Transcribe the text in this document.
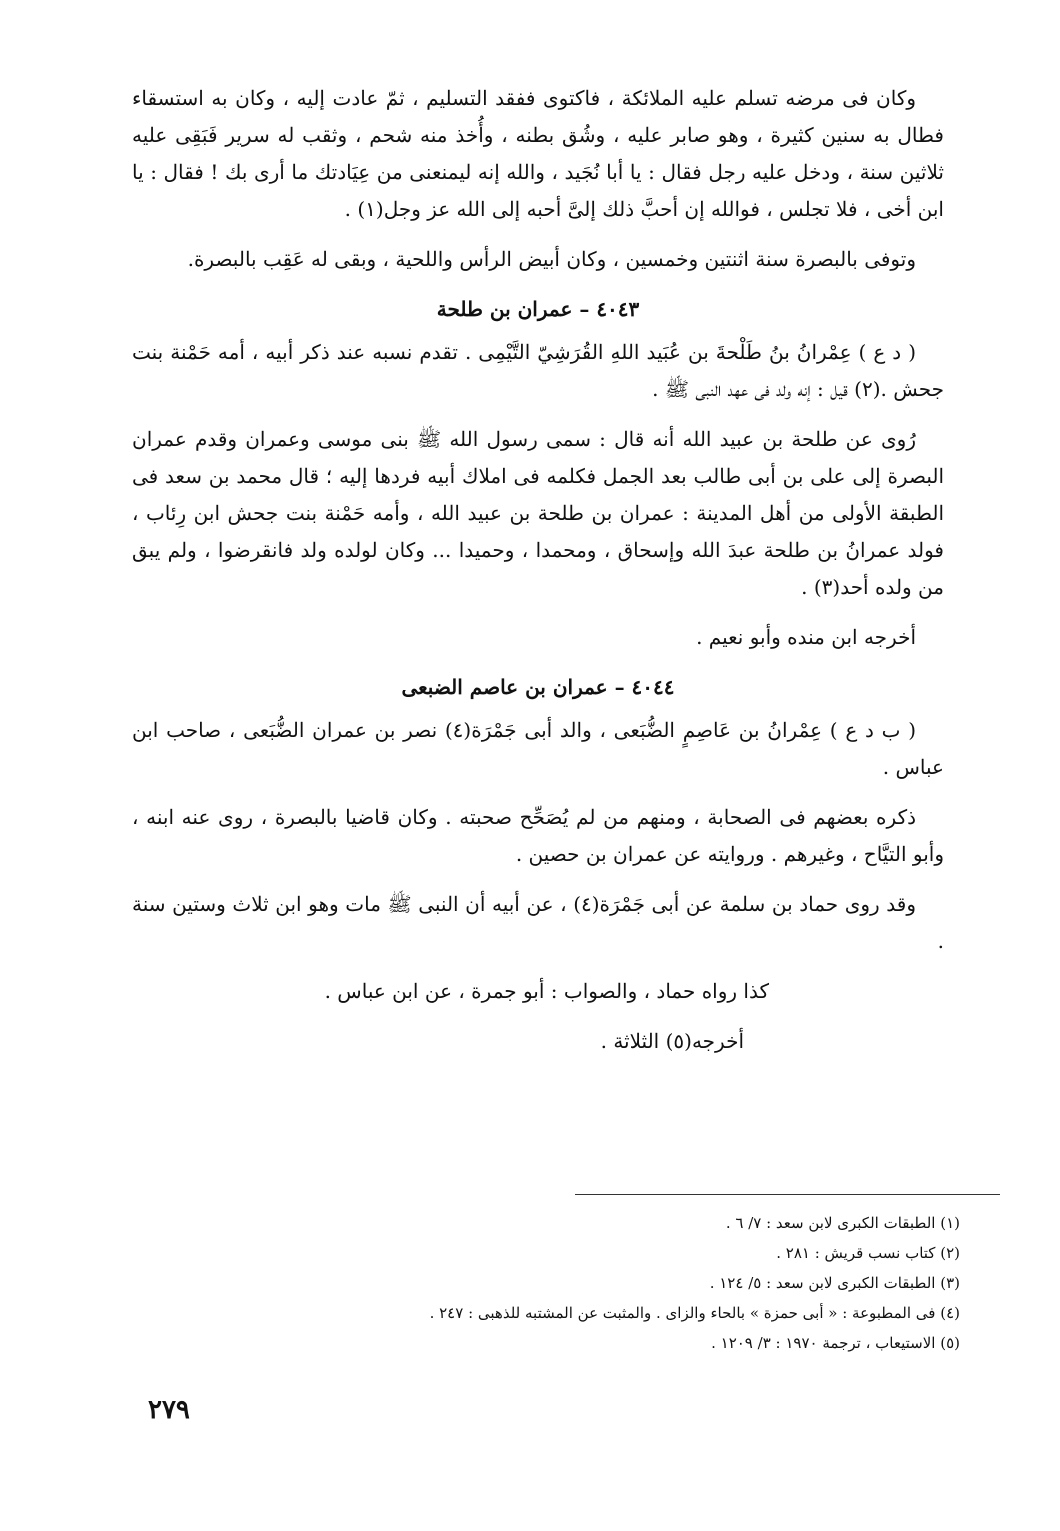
وكان فى مرضه تسلم عليه الملائكة ، فاكتوى ففقد التسليم ، ثمّ عادت إليه ، وكان به استسقاء فطال به سنين كثيرة ، وهو صابر عليه ، وشُق بطنه ، وأُخذ منه شحم ، وثقب له سرير فَبَقِى عليه ثلاثين سنة ، ودخل عليه رجل فقال : يا أبا نُجَيد ، والله إنه ليمنعنى من عِيَادتك ما أرى بك ! فقال : يا ابن أخى ، فلا تجلس ، فوالله إن أحبَّ ذلك إلىَّ أحبه إلى الله عز وجل(١) .

وتوفى بالبصرة سنة اثنتين وخمسين ، وكان أبيض الرأس واللحية ، وبقى له عَقِب بالبصرة.

٤٠٤٣ – عمران بن طلحة

( د ع ) عِمْرانُ بنُ طَلْحةَ بن عُبَيد اللهِ القُرَشِيّ التَّيْمِى . تقدم نسبه عند ذكر أبيه ، أمه حَمْنة بنت جحش .(٢) قيل : إنه ولد فى عهد النبى ﷺ .

رُوى عن طلحة بن عبيد الله أنه قال : سمى رسول الله ﷺ بنى موسى وعمران وقدم عمران البصرة إلى على بن أبى طالب بعد الجمل فكلمه فى املاك أبيه فردها إليه ؛ قال محمد بن سعد فى الطبقة الأولى من أهل المدينة : عمران بن طلحة بن عبيد الله ، وأمه حَمْنة بنت جحش ابن رِئاب ، فولد عمرانُ بن طلحة عبدَ الله وإسحاق ، ومحمدا ، وحميدا ... وكان لولده ولد فانقرضوا ، ولم يبق من ولده أحد(٣) .

أخرجه ابن منده وأبو نعيم .

٤٠٤٤ – عمران بن عاصم الضبعى

( ب د ع ) عِمْرانُ بن عَاصِمٍ الضُّبَعى ، والد أبى جَمْرَة(٤) نصر بن عمران الضُّبَعى ، صاحب ابن عباس .

ذكره بعضهم فى الصحابة ، ومنهم من لم يُصَحِّح صحبته . وكان قاضيا بالبصرة ، روى عنه ابنه ، وأبو التيَّاح ، وغيرهم . وروايته عن عمران بن حصين .

وقد روى حماد بن سلمة عن أبى جَمْرَة(٤) ، عن أبيه أن النبى ﷺ مات وهو ابن ثلاث وستين سنة .

كذا رواه حماد ، والصواب : أبو جمرة ، عن ابن عباس .

أخرجه(٥) الثلاثة .

(١) الطبقات الكبرى لابن سعد : ٧/ ٦ .
(٢) كتاب نسب قريش : ٢٨١ .
(٣) الطبقات الكبرى لابن سعد : ٥/ ١٢٤ .
(٤) فى المطبوعة : « أبى حمزة » بالحاء والزاى . والمثبت عن المشتبه للذهبى : ٢٤٧ .
(٥) الاستيعاب ، ترجمة ١٩٧٠ : ٣/ ١٢٠٩ .
٢٧٩
